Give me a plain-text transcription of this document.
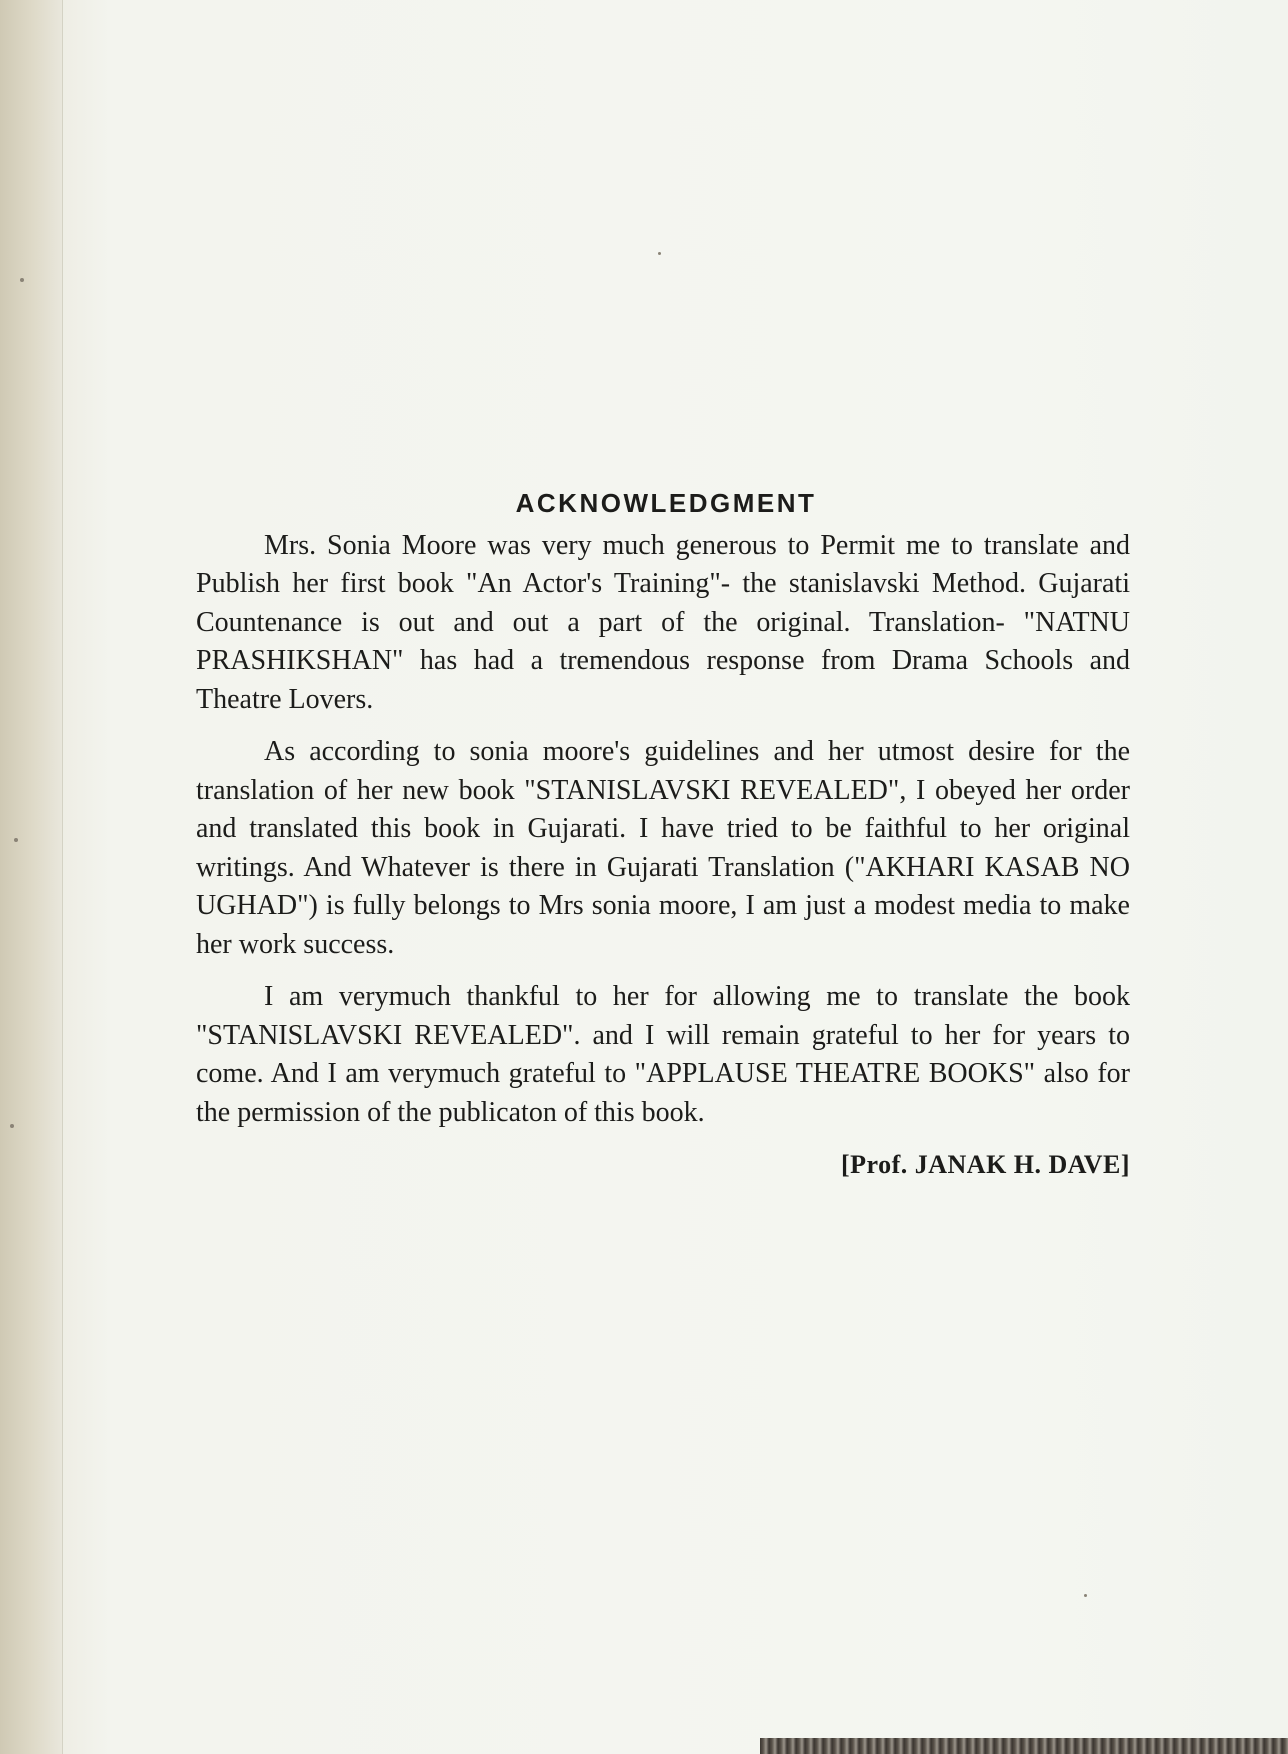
ACKNOWLEDGMENT

Mrs. Sonia Moore was very much generous to Permit me to translate and Publish her first book "An Actor's Training"- the stanislavski Method. Gujarati Countenance is out and out a part of the original. Translation- "NATNU PRASHIKSHAN" has had a tremendous response from Drama Schools and Theatre Lovers.

As according to sonia moore's guidelines and her utmost desire for the translation of her new book "STANISLAVSKI REVEALED", I obeyed her order and translated this book in Gujarati. I have tried to be faithful to her original writings. And Whatever is there in Gujarati Translation ("AKHARI KASAB NO UGHAD") is fully belongs to Mrs sonia moore, I am just a modest media to make her work success.

I am verymuch thankful to her for allowing me to translate the book "STANISLAVSKI REVEALED". and I will remain grateful to her for years to come. And I am verymuch grateful to "APPLAUSE THEATRE BOOKS" also for the permission of the publicaton of this book.

[Prof. JANAK H. DAVE]
